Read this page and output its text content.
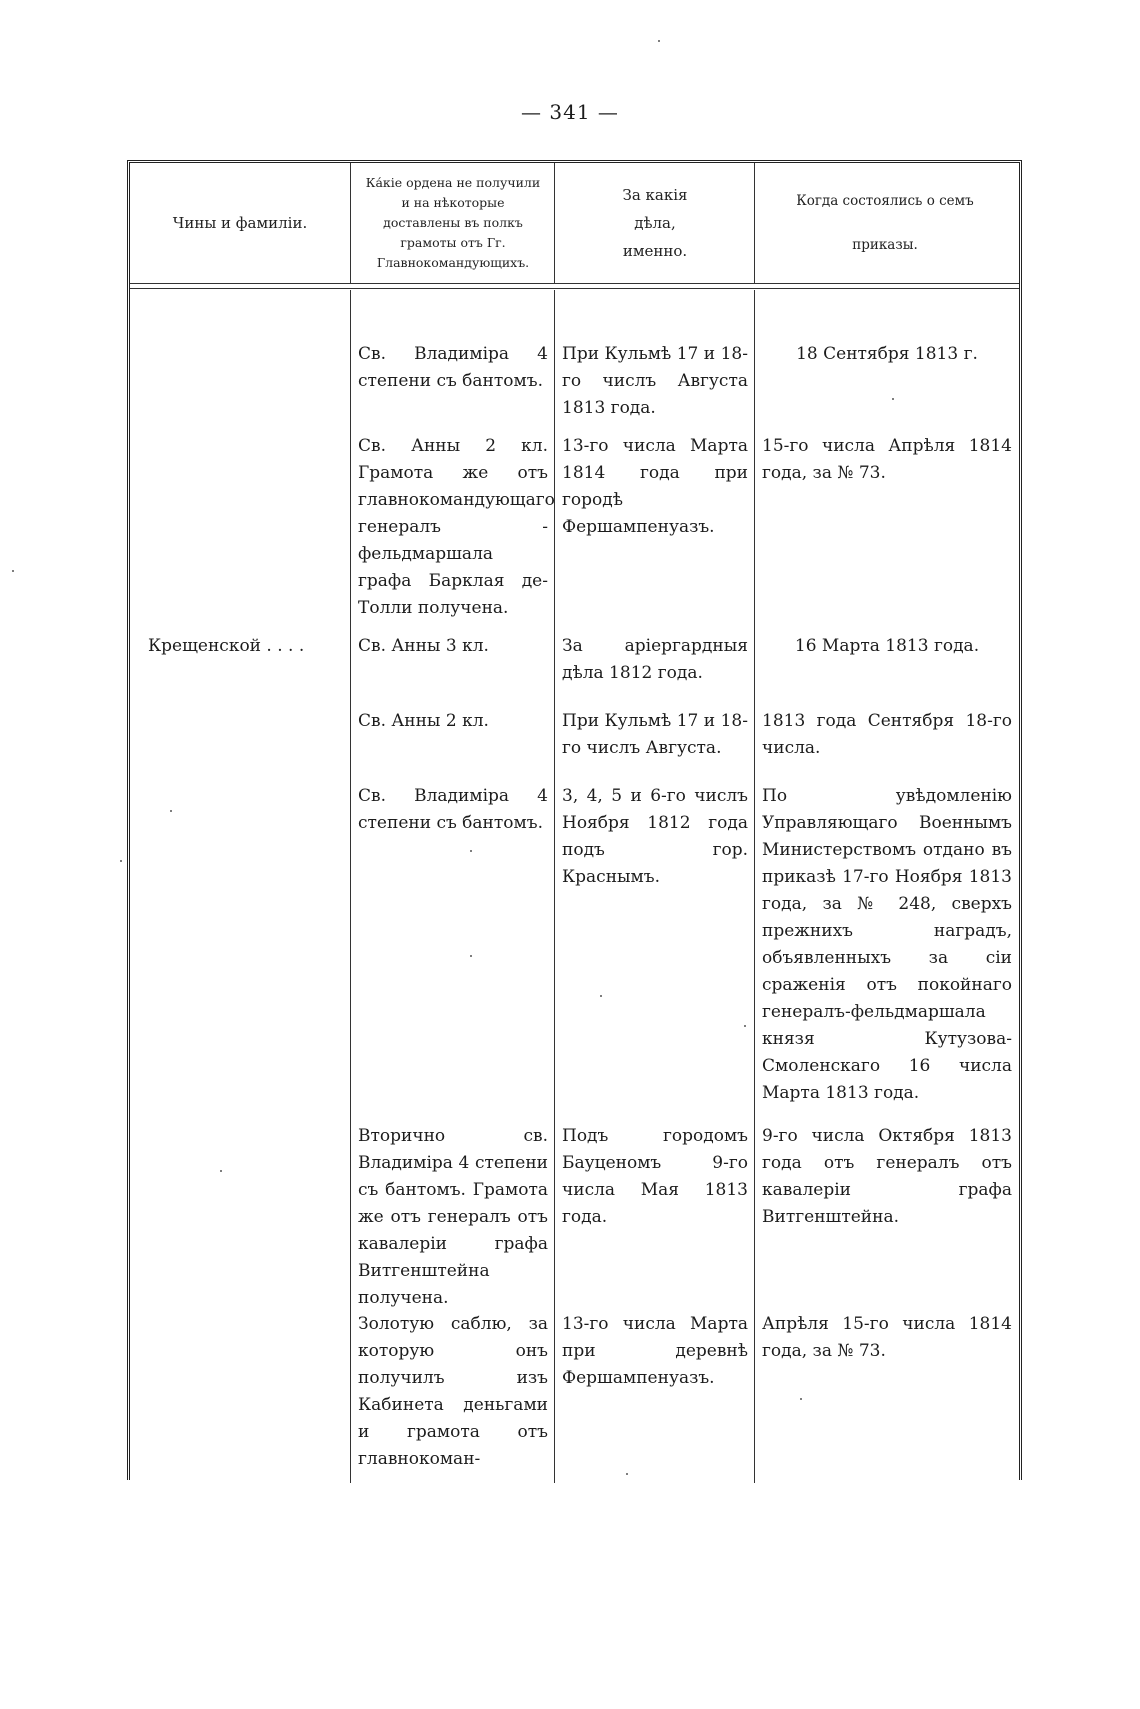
— 341 —
Чины и фамиліи.
Ка́кіе ордена не получили и на нѣкоторые доставлены въ полкъ грамоты отъ Гг. Главнокомандующихъ.
За какія дѣла, именно.
Когда состоялись о семъ приказы.
Крещенской . . . .
Св. Владиміра 4 степени съ бантомъ.
При Кульмѣ 17 и 18-го числъ Августа 1813 года.
18 Сентября 1813 г.
Св. Анны 2 кл. Грамота же отъ главнокомандующаго генералъ - фельдмаршала графа Барклая де-Толли получена.
13-го числа Марта 1814 года при городѣ Фершампенуазъ.
15-го числа Апрѣля 1814 года, за № 73.
Св. Анны 3 кл.	За аріергардныя дѣла 1812 года.
16 Марта 1813 года.
Св. Анны 2 кл.	При Кульмѣ 17 и 18-го числъ Августа.
1813 года Сентября 18-го числа.
Св. Владиміра 4 степени съ бантомъ.
3, 4, 5 и 6-го числъ Ноября 1812 года подъ гор. Краснымъ.
По увѣдомленію Управляющаго Военнымъ Министерствомъ отдано въ приказѣ 17-го Ноября 1813 года, за № 248, сверхъ прежнихъ наградъ, объявленныхъ за сіи сраженія отъ покойнаго генералъ-фельдмаршала князя Кутузова-Смоленскаго 16 числа Марта 1813 года.
Вторично св. Владиміра 4 степени съ бантомъ. Грамота же отъ генералъ отъ кавалеріи графа Витгенштейна получена.
Подъ городомъ Бауценомъ 9-го числа Мая 1813 года.
9-го числа Октября 1813 года отъ генералъ отъ кавалеріи графа Витгенштейна.
Золотую саблю, за которую онъ получилъ изъ Кабинета деньгами и грамота отъ главнокоман-
13-го числа Марта при деревнѣ Фершампенуазъ.
Апрѣля 15-го числа 1814 года, за № 73.
